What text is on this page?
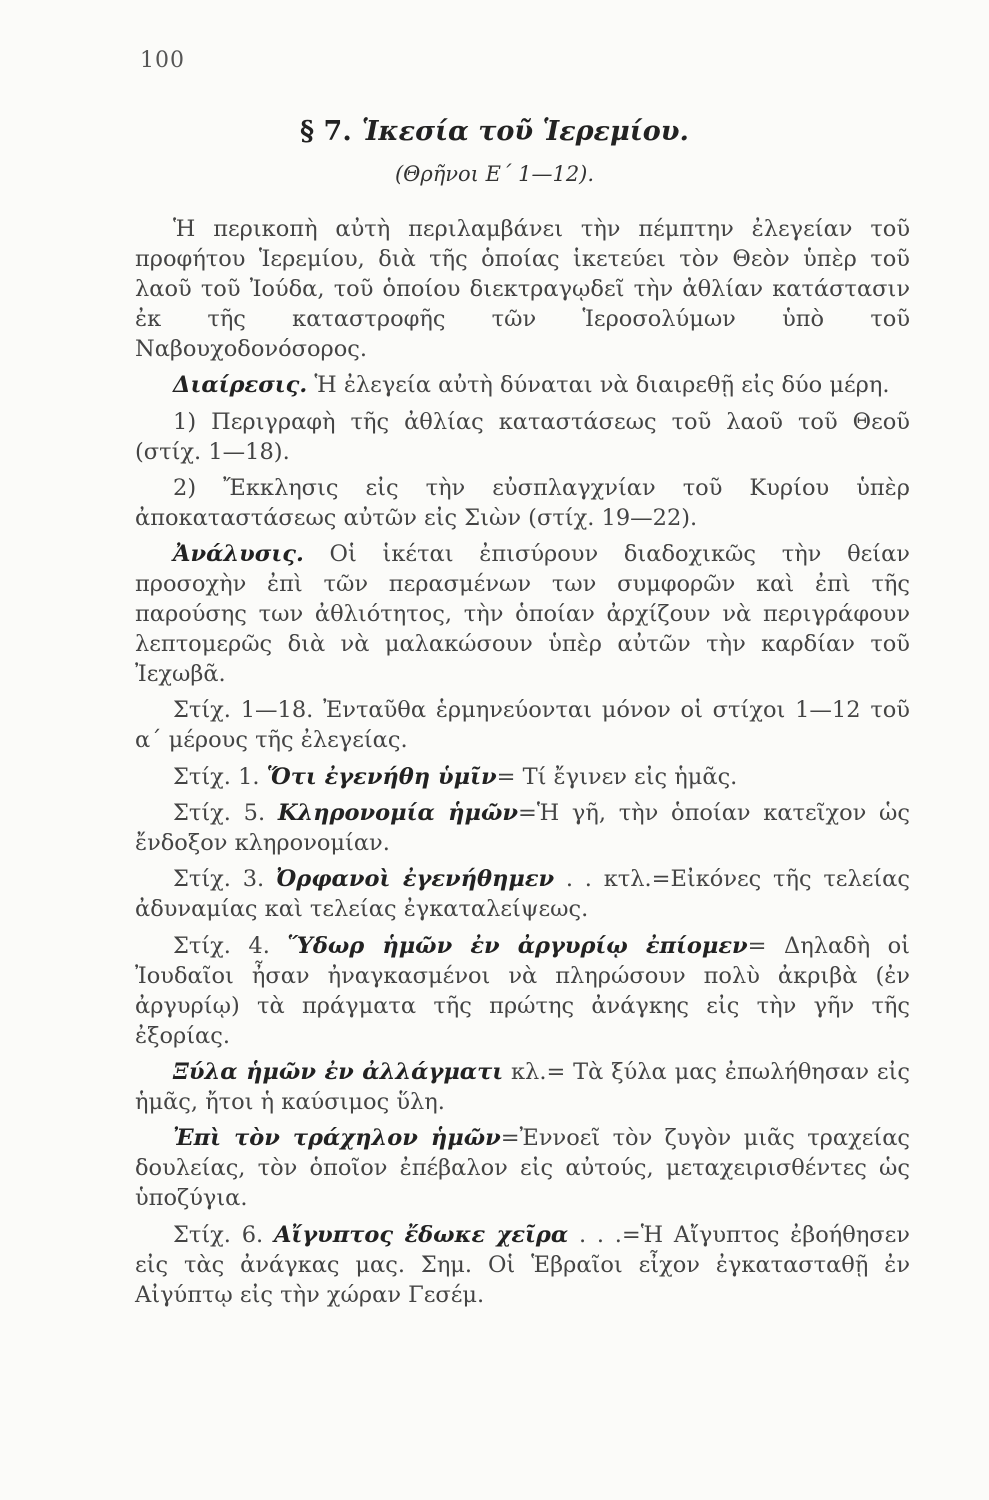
100
§ 7. Ἱκεσία τοῦ Ἱερεμίου.
(Θρῆνοι Ε΄ 1—12).

Ἡ περικοπὴ αὐτὴ περιλαμβάνει τὴν πέμπτην ἐλεγείαν τοῦ προφήτου Ἱερεμίου, διὰ τῆς ὁποίας ἱκετεύει τὸν Θεὸν ὑπὲρ τοῦ λαοῦ τοῦ Ἰούδα, τοῦ ὁποίου διεκτραγῳδεῖ τὴν ἀθλίαν κατάστασιν ἐκ τῆς καταστροφῆς τῶν Ἱεροσολύμων ὑπὸ τοῦ Ναβουχοδονόσορος.

Διαίρεσις. Ἡ ἐλεγεία αὐτὴ δύναται νὰ διαιρεθῇ εἰς δύο μέρη.

1) Περιγραφὴ τῆς ἀθλίας καταστάσεως τοῦ λαοῦ τοῦ Θεοῦ (στίχ. 1—18).

2) Ἔκκλησις εἰς τὴν εὐσπλαγχνίαν τοῦ Κυρίου ὑπὲρ ἀποκαταστάσεως αὐτῶν εἰς Σιὼν (στίχ. 19—22).

Ἀνάλυσις. Οἱ ἱκέται ἐπισύρουν διαδοχικῶς τὴν θείαν προσοχὴν ἐπὶ τῶν περασμένων των συμφορῶν καὶ ἐπὶ τῆς παρούσης των ἀθλιότητος, τὴν ὁποίαν ἀρχίζουν νὰ περιγράφουν λεπτομερῶς διὰ νὰ μαλακώσουν ὑπὲρ αὐτῶν τὴν καρδίαν τοῦ Ἰεχωβᾶ.

Στίχ. 1—18. Ἐνταῦθα ἑρμηνεύονται μόνον οἱ στίχοι 1—12 τοῦ α΄ μέρους τῆς ἐλεγείας.

Στίχ. 1. Ὅτι ἐγενήθη ὑμῖν= Τί ἔγινεν εἰς ἡμᾶς.

Στίχ. 5. Κληρονομία ἡμῶν=Ἡ γῆ, τὴν ὁποίαν κατεῖχον ὡς ἔνδοξον κληρονομίαν.

Στίχ. 3. Ὀρφανοὶ ἐγενήθημεν . . κτλ.=Εἰκόνες τῆς τελείας ἀδυναμίας καὶ τελείας ἐγκαταλείψεως.

Στίχ. 4. Ὕδωρ ἡμῶν ἐν ἀργυρίῳ ἐπίομεν= Δηλαδὴ οἱ Ἰουδαῖοι ἦσαν ἠναγκασμένοι νὰ πληρώσουν πολὺ ἀκριβὰ (ἐν ἀργυρίῳ) τὰ πράγματα τῆς πρώτης ἀνάγκης εἰς τὴν γῆν τῆς ἐξορίας.

Ξύλα ἡμῶν ἐν ἀλλάγματι κλ.= Τὰ ξύλα μας ἐπωλήθησαν εἰς ἡμᾶς, ἤτοι ἡ καύσιμος ὕλη.

Ἐπὶ τὸν τράχηλον ἡμῶν=Ἐννοεῖ τὸν ζυγὸν μιᾶς τραχείας δουλείας, τὸν ὁποῖον ἐπέβαλον εἰς αὐτούς, μεταχειρισθέντες ὡς ὑποζύγια.

Στίχ. 6. Αἴγυπτος ἔδωκε χεῖρα . . .=Ἡ Αἴγυπτος ἐβοήθησεν εἰς τὰς ἀνάγκας μας. Σημ. Οἱ Ἑβραῖοι εἶχον ἐγκατασταθῇ ἐν Αἰγύπτῳ εἰς τὴν χώραν Γεσέμ.
